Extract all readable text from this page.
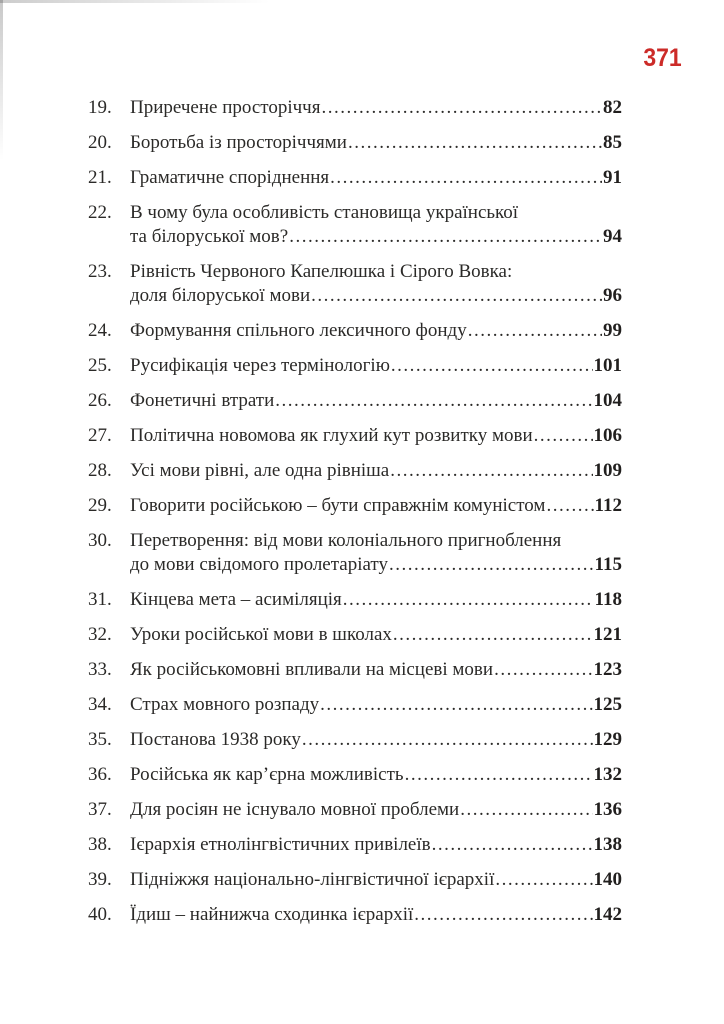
371
19. Приречене просторіччя .....	82
20. Боротьба із просторіччями .....	85
21. Граматичне споріднення .....	91
22. В чому була особливість становища української
та білоруської мов? .....	94
23. Рівність Червоного Капелюшка і Сірого Вовка:
доля білоруської мови .....	96
24. Формування спільного лексичного фонду .....	99
25. Русифікація через термінологію .....	101
26. Фонетичні втрати .....	104
27. Політична новомова як глухий кут розвитку мови .....	106
28. Усі мови рівні, але одна рівніша .....	109
29. Говорити російською – бути справжнім комуністом .....	112
30. Перетворення: від мови колоніального пригноблення
до мови свідомого пролетаріату .....	115
31. Кінцева мета – асиміляція .....	118
32. Уроки російської мови в школах .....	121
33. Як російськомовні впливали на місцеві мови .....	123
34. Страх мовного розпаду .....	125
35. Постанова 1938 року .....	129
36. Російська як кар’єрна можливість .....	132
37. Для росіян не існувало мовної проблеми .....	136
38. Ієрархія етнолінгвістичних привілеїв .....	138
39. Підніжжя національно-лінгвістичної ієрархії .....	140
40. Їдиш – найнижча сходинка ієрархії .....	142
